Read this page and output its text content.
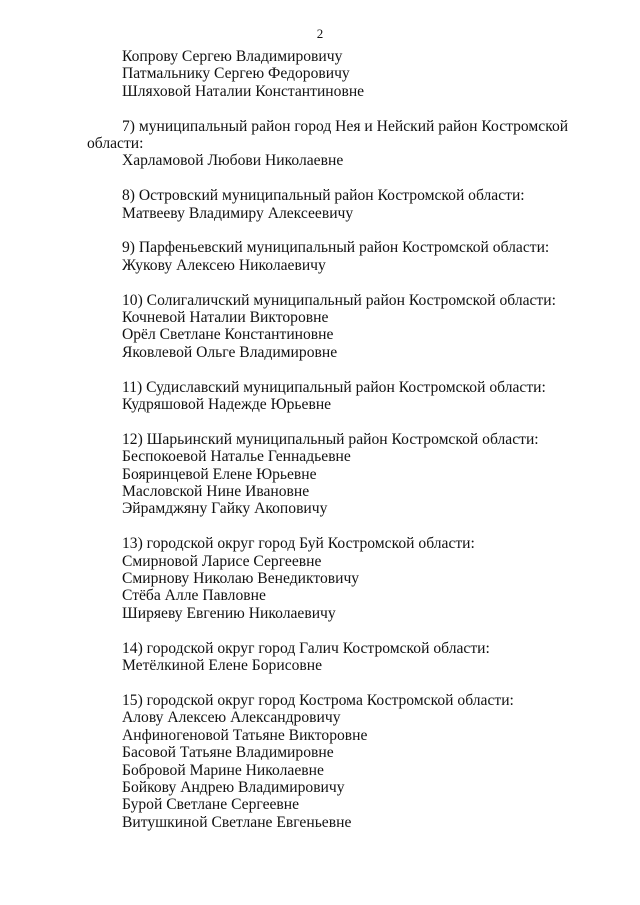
2
Копрову Сергею Владимировичу
Патмальнику Сергею Федоровичу
Шляховой Наталии Константиновне
7) муниципальный район город Нея и Нейский район Костромской
области:
Харламовой Любови Николаевне
8) Островский муниципальный район Костромской области:
Матвееву Владимиру Алексеевичу
9) Парфеньевский муниципальный район Костромской области:
Жукову Алексею Николаевичу
10) Солигаличский муниципальный район Костромской области:
Кочневой Наталии Викторовне
Орёл Светлане Константиновне
Яковлевой Ольге Владимировне
11) Судиславский муниципальный район Костромской области:
Кудряшовой Надежде Юрьевне
12) Шарьинский муниципальный район Костромской области:
Беспокоевой Наталье Геннадьевне
Бояринцевой Елене Юрьевне
Масловской Нине Ивановне
Эйрамджяну Гайку Акоповичу
13) городской округ город Буй Костромской области:
Смирновой Ларисе Сергеевне
Смирнову Николаю Венедиктовичу
Стёба Алле Павловне
Ширяеву Евгению Николаевичу
14) городской округ город Галич Костромской области:
Метёлкиной Елене Борисовне
15) городской округ город Кострома Костромской области:
Алову Алексею Александровичу
Анфиногеновой Татьяне Викторовне
Басовой Татьяне Владимировне
Бобровой Марине Николаевне
Бойкову Андрею Владимировичу
Бурой Светлане Сергеевне
Витушкиной Светлане Евгеньевне
